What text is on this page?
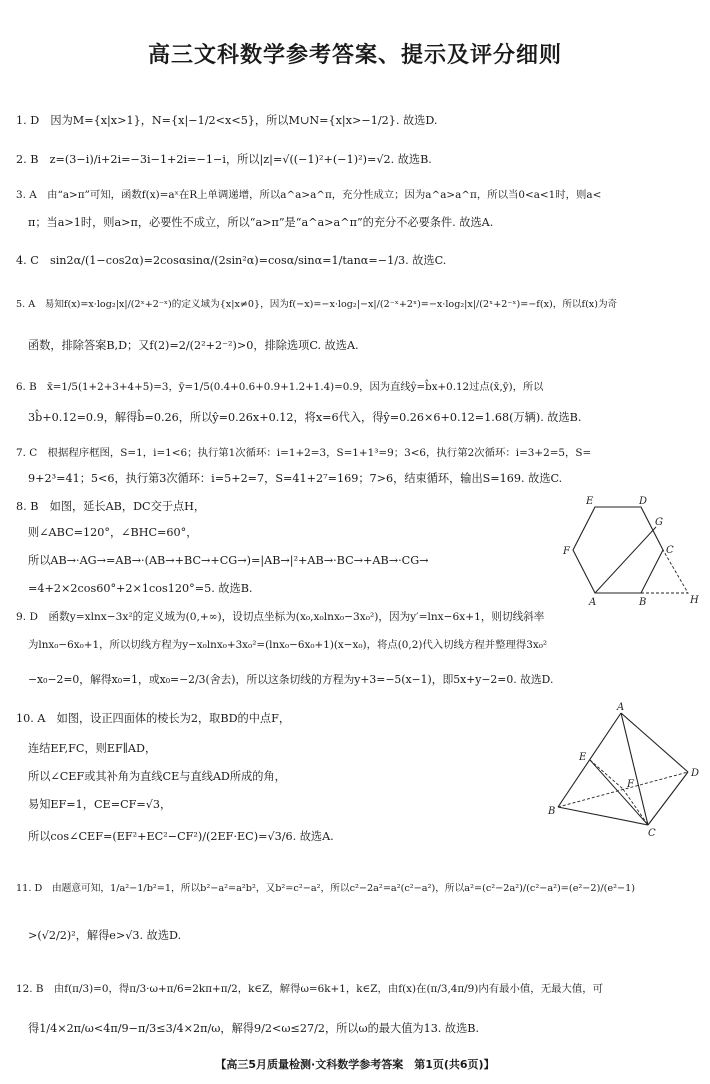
高三文科数学参考答案、提示及评分细则
1. D　因为M={x|x>1}，N={x|−1/2<x<5}，所以M∪N={x|x>−1/2}. 故选D.
2. B　z=(3−i)/i+2i=−3i−1+2i=−1−i，所以|z|=√((−1)²+(−1)²)=√2. 故选B.
3. A　由“a>π”可知，函数f(x)=aˣ在R上单调递增，所以a^a>a^π，充分性成立；因为a^a>a^π，所以当0<a<1时，则a<
π；当a>1时，则a>π，必要性不成立，所以“a>π”是“a^a>a^π”的充分不必要条件. 故选A.
4. C　sin2α/(1−cos2α)=2cosαsinα/(2sin²α)=cosα/sinα=1/tanα=−1/3. 故选C.
5. A　易知f(x)=x·log₂|x|/(2ˣ+2⁻ˣ)的定义域为{x|x≠0}，因为f(−x)=−x·log₂|−x|/(2⁻ˣ+2ˣ)=−x·log₂|x|/(2ˣ+2⁻ˣ)=−f(x)，所以f(x)为奇
函数，排除答案B,D；又f(2)=2/(2²+2⁻²)>0，排除选项C. 故选A.
6. B　x̄=1/5(1+2+3+4+5)=3，ȳ=1/5(0.4+0.6+0.9+1.2+1.4)=0.9，因为直线ŷ=b̂x+0.12过点(x̄,ȳ)，所以
3b̂+0.12=0.9，解得b̂=0.26，所以ŷ=0.26x+0.12，将x=6代入，得ŷ=0.26×6+0.12=1.68(万辆). 故选B.
7. C　根据程序框图，S=1，i=1<6；执行第1次循环：i=1+2=3，S=1+1³=9；3<6，执行第2次循环：i=3+2=5，S=
9+2³=41；5<6，执行第3次循环：i=5+2=7，S=41+2⁷=169；7>6，结束循环，输出S=169. 故选C.
8. B　如图，延长AB，DC交于点H，
则∠ABC=120°，∠BHC=60°，
所以AB→·AG→=AB→·(AB→+BC→+CG→)=|AB→|²+AB→·BC→+AB→·CG→
=4+2×2cos60°+2×1cos120°=5. 故选B.
9. D　函数y=xlnx−3x²的定义域为(0,+∞)，设切点坐标为(x₀,x₀lnx₀−3x₀²)，因为y′=lnx−6x+1，则切线斜率
为lnx₀−6x₀+1，所以切线方程为y−x₀lnx₀+3x₀²=(lnx₀−6x₀+1)(x−x₀)，将点(0,2)代入切线方程并整理得3x₀²
−x₀−2=0，解得x₀=1，或x₀=−2/3(舍去)，所以这条切线的方程为y+3=−5(x−1)，即5x+y−2=0. 故选D.
10. A　如图，设正四面体的棱长为2，取BD的中点F，
连结EF,FC，则EF∥AD，
所以∠CEF或其补角为直线CE与直线AD所成的角，
易知EF=1，CE=CF=√3，
所以cos∠CEF=(EF²+EC²−CF²)/(2EF·EC)=√3/6. 故选A.
11. D　由题意可知，1/a²−1/b²=1，所以b²−a²=a²b²，又b²=c²−a²，所以c²−2a²=a²(c²−a²)，所以a²=(c²−2a²)/(c²−a²)=(e²−2)/(e²−1)
>(√2/2)²，解得e>√3. 故选D.
12. B　由f(π/3)=0，得π/3·ω+π/6=2kπ+π/2，k∈Z，解得ω=6k+1，k∈Z，由f(x)在(π/3,4π/9)内有最小值，无最大值，可
得1/4×2π/ω<4π/9−π/3≤3/4×2π/ω，解得9/2<ω≤27/2，所以ω的最大值为13. 故选B.
E	D
G
F	C
A	B	H
A
E
F
D
B
C
【高三5月质量检测·文科数学参考答案　第1页(共6页)】
